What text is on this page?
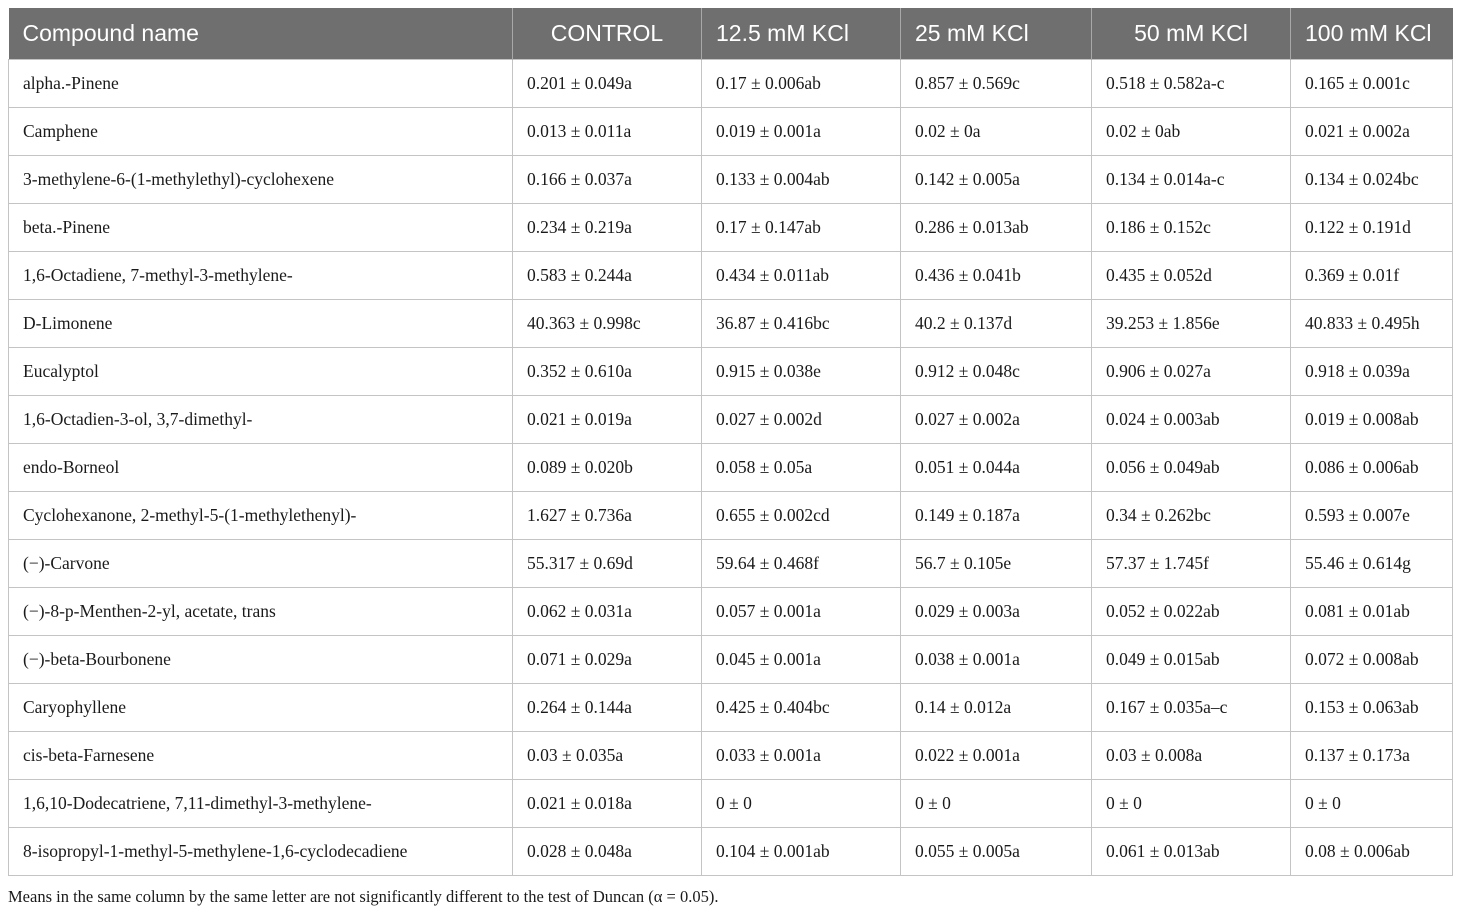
Compound name	CONTROL	12.5 mM KCl	25 mM KCl	50 mM KCl	100 mM KCl
alpha.-Pinene	0.201 ± 0.049a	0.17 ± 0.006ab	0.857 ± 0.569c	0.518 ± 0.582a-c	0.165 ± 0.001c
Camphene	0.013 ± 0.011a	0.019 ± 0.001a	0.02 ± 0a	0.02 ± 0ab	0.021 ± 0.002a
3-methylene-6-(1-methylethyl)-cyclohexene	0.166 ± 0.037a	0.133 ± 0.004ab	0.142 ± 0.005a	0.134 ± 0.014a-c	0.134 ± 0.024bc
beta.-Pinene	0.234 ± 0.219a	0.17 ± 0.147ab	0.286 ± 0.013ab	0.186 ± 0.152c	0.122 ± 0.191d
1,6-Octadiene, 7-methyl-3-methylene-	0.583 ± 0.244a	0.434 ± 0.011ab	0.436 ± 0.041b	0.435 ± 0.052d	0.369 ± 0.01f
D-Limonene	40.363 ± 0.998c	36.87 ± 0.416bc	40.2 ± 0.137d	39.253 ± 1.856e	40.833 ± 0.495h
Eucalyptol	0.352 ± 0.610a	0.915 ± 0.038e	0.912 ± 0.048c	0.906 ± 0.027a	0.918 ± 0.039a
1,6-Octadien-3-ol, 3,7-dimethyl-	0.021 ± 0.019a	0.027 ± 0.002d	0.027 ± 0.002a	0.024 ± 0.003ab	0.019 ± 0.008ab
endo-Borneol	0.089 ± 0.020b	0.058 ± 0.05a	0.051 ± 0.044a	0.056 ± 0.049ab	0.086 ± 0.006ab
Cyclohexanone, 2-methyl-5-(1-methylethenyl)-	1.627 ± 0.736a	0.655 ± 0.002cd	0.149 ± 0.187a	0.34 ± 0.262bc	0.593 ± 0.007e
(−)-Carvone	55.317 ± 0.69d	59.64 ± 0.468f	56.7 ± 0.105e	57.37 ± 1.745f	55.46 ± 0.614g
(−)-8-p-Menthen-2-yl, acetate, trans	0.062 ± 0.031a	0.057 ± 0.001a	0.029 ± 0.003a	0.052 ± 0.022ab	0.081 ± 0.01ab
(−)-beta-Bourbonene	0.071 ± 0.029a	0.045 ± 0.001a	0.038 ± 0.001a	0.049 ± 0.015ab	0.072 ± 0.008ab
Caryophyllene	0.264 ± 0.144a	0.425 ± 0.404bc	0.14 ± 0.012a	0.167 ± 0.035a–c	0.153 ± 0.063ab
cis-beta-Farnesene	0.03 ± 0.035a	0.033 ± 0.001a	0.022 ± 0.001a	0.03 ± 0.008a	0.137 ± 0.173a
1,6,10-Dodecatriene, 7,11-dimethyl-3-methylene-	0.021 ± 0.018a	0 ± 0	0 ± 0	0 ± 0	0 ± 0
8-isopropyl-1-methyl-5-methylene-1,6-cyclodecadiene	0.028 ± 0.048a	0.104 ± 0.001ab	0.055 ± 0.005a	0.061 ± 0.013ab	0.08 ± 0.006ab
Means in the same column by the same letter are not significantly different to the test of Duncan (α = 0.05).
